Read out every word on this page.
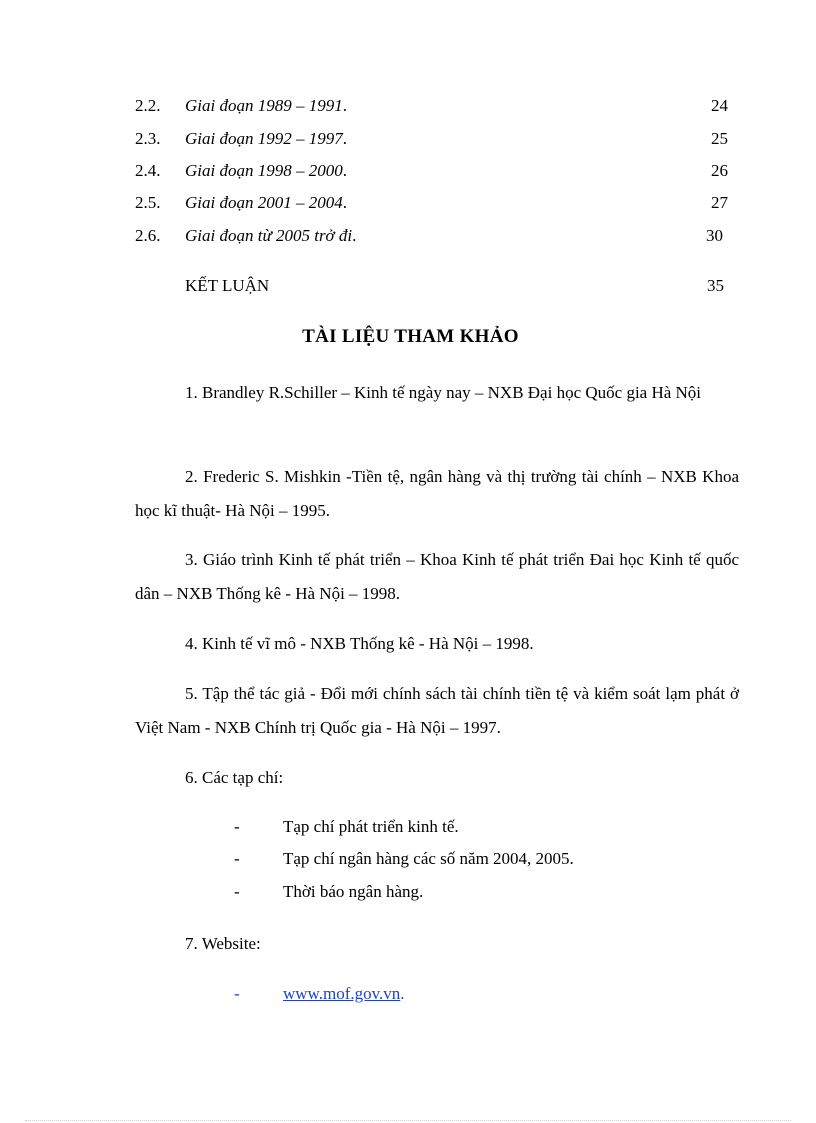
2.2. Giai đoạn 1989 – 1991.	24
2.3. Giai đoạn 1992 – 1997.	25
2.4. Giai đoạn 1998 – 2000.	26
2.5. Giai đoạn 2001 – 2004.	27
2.6. Giai đoạn từ 2005 trở đi.	30
KẾT LUẬN	35
TÀI LIỆU THAM KHẢO
1. Brandley R.Schiller – Kinh tế ngày nay – NXB Đại học Quốc gia Hà Nội
2. Frederic S. Mishkin -Tiền tệ, ngân hàng và thị trường tài chính – NXB Khoa học kĩ thuật- Hà Nội – 1995.
3. Giáo trình Kinh tế phát triển – Khoa Kinh tế phát triển Đai học Kinh tế quốc dân – NXB Thống kê - Hà Nội – 1998.
4. Kinh tế vĩ mô - NXB Thống kê - Hà Nội – 1998.
5. Tập thể tác giả - Đổi mới chính sách tài chính tiền tệ và kiểm soát lạm phát ở Việt Nam - NXB Chính trị Quốc gia - Hà Nội – 1997.
6. Các tạp chí:
-	Tạp chí phát triển kinh tế.
-	Tạp chí ngân hàng các số năm 2004, 2005.
-	Thời báo ngân hàng.
7. Website:
-	www.mof.gov.vn.
